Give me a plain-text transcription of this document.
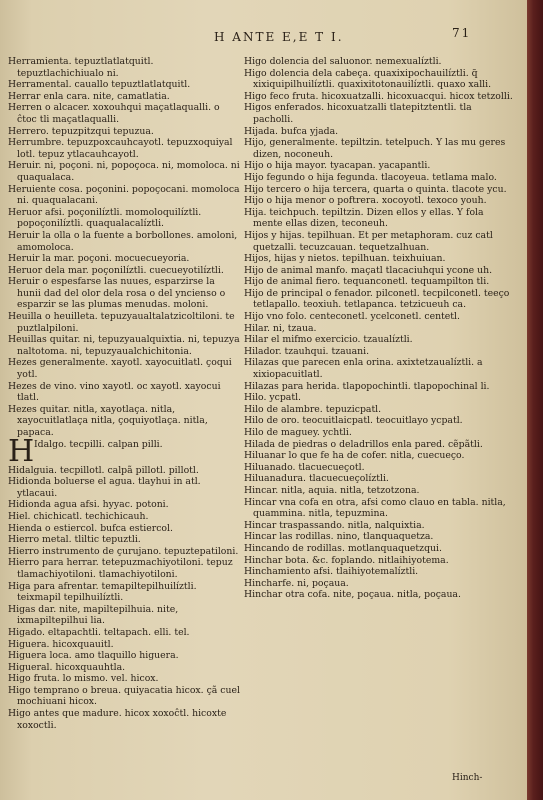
H ANTE E,E T I.	71

Herramienta. tepuztlatlatquitl. tepuztlachichiualo ni.

Herramental. cauallo tepuztlatlatquitl.

Herrar enla cara. nite, camatlatia.

Herren o alcacer. xoxouhqui maçatlaqualli. o ĉtoc tli maçatlaqualli.

Herrero. tepuzpitzqui tepuzua.

Herrumbre. tepuzpoxcauhcayotl. tepuzxoquiyal lotl. tepuz ytlacauhcayotl.

Heruir. ni, poçoni. ni, popoçoca. ni, momoloca. ni quaqualaca.

Heruiente cosa. poçonini. popoçocani. momoloca ni. quaqualacani.

Heruor afsi. poçonilíztli. momoloquilíztli. popoçonilíztli. quaqualacalíztli.

Heruir la olla o la fuente a borbollones. amoloni, amomoloca.

Heruir la mar. poçoni. mocuecueyoria.

Heruor dela mar. poçonilíztli. cuecueyotilíztli.

Heruir o espesfarse las nuues, esparzirse la hunii dad del olor dela rosa o del yncienso o esparzir se las plumas menudas. moloni.

Heuilla o heuilleta. tepuzyaualtalatzicoltiloni. te puztlalpiloni.

Heuillas quitar. ni, tepuzyaualquixtia. ni, tepuzya naltotoma. ni, tepuzyaualchichitonia.

Hezes generalmente. xayotl. xayocuitlatl. çoqui yotl.

Hezes de vino. vino xayotl. oc xayotl. xayocui tlatl.

Hezes quitar. nitla, xayotlaça. nitla, xayocuitlatlaça nitla, çoquiyotlaça. nitla, papaca.

H Idalgo. tecpilli. calpan pilli.

Hidalguia. tecpillotl. calpã pillotl. pillotl.

Hidionda boluerse el agua. tlayhui in atl. ytlacaui.

Hidionda agua afsi. hyyac. potoni.

Hiel. chichicatl. techichicauh.

Hienda o estiercol. bufca estiercol.

Hierro metal. tliltic tepuztli.

Hierro instrumento de çurujano. tepuztepatiloni.

Hierro para herrar. tetepuzmachiyotiloni. tepuz tlamachiyotiloni. tlamachiyotiloni.

Higa para afrentar. temapiltepilhuilíztli. teixmapil tepilhuilíztli.

Higas dar. nite, mapiltepilhuia. nite, ixmapiltepilhui lia.

Higado. eltapachtli. teltapach. elli. tel.

Higuera. hicoxquauitl.

Higuera loca. amo tlaquillo higuera.

Higueral. hicoxquauhtla.

Higo fruta. lo mismo. vel. hicox.

Higo temprano o breua. quiyacatia hicox. çã cuel mochiuani hicox.

Higo antes que madure. hicox xoxoĉtl. hicoxte xoxoctli.

Higo dolencia del saluonor. nemexualíztli.

Higo dolencia dela cabeça. quaxixipochauilíztli. q̃ xixiquipilhuilíztli. quaxixitotonauilíztli. quaxo xalli.

Higo feco fruta. hicoxuatzalli. hicoxuacqui. hicox tetzolli.

Higos enferados. hicoxuatzalli tlatepitztentli. tla pacholli.

Hijada. bufca yjada.

Hijo, generalmente. tepiltzin. tetelpuch. Y las mu geres dizen, noconeuh.

Hijo o hija mayor. tyacapan. yacapantli.

Hijo fegundo o hija fegunda. tlacoyeua. tetlama malo.

Hijo tercero o hija tercera, quarta o quinta. tlacote ycu.

Hijo o hija menor o poftrera. xocoyotl. texoco youh.

Hija. teichpuch. tepiltzin. Dizen ellos y ellas. Y fola mente ellas dizen, teconeuh.

Hijos y hijas. tepilhuan. Et per metaphoram. cuz catl quetzalli. tecuzcauan. tequetzalhuan.

Hijos, hijas y nietos. tepilhuan. teixhuiuan.

Hijo de animal manfo. maçatl tlacaciuhqui ycone uh.

Hijo de animal fiero. tequanconetl. tequampilton tli.

Hijo de principal o fenador. pilconetl. tecpilconetl. teeço tetlapallo. teoxiuh. tetlapanca. tetzicueuh ca.

Hijo vno folo. centeconetl. ycelconetl. centetl.

Hilar. ni, tzaua.

Hilar el mifmo exercicio. tzaualíztli.

Hilador. tzauhqui. tzauani.

Hilazas que parecen enla orina. axixtetzaualíztli. a xixiopacuitlatl.

Hilazas para herida. tlapopochintli. tlapopochinal li.

Hilo. ycpatl.

Hilo de alambre. tepuzicpatl.

Hilo de oro. teocuitlaicpatl. teocuitlayo ycpatl.

Hilo de maguey. ychtli.

Hilada de piedras o deladrillos enla pared. cẽpãtli.

Hiluanar lo que fe ha de cofer. nitla, cuecueço.

Hiluanado. tlacuecueçotl.

Hiluanadura. tlacuecueçolíztli.

Hincar. nitla, aquia. nitla, tetzotzona.

Hincar vna cofa en otra, afsi como clauo en tabla. nitla, quammina. nitla, tepuzmina.

Hincar traspassando. nitla, nalquixtia.

Hincar las rodillas. nino, tlanquaquetza.

Hincando de rodillas. motlanquaquetzqui.

Hinchar bota. &c. foplando. nitlaihiyotema.

Hinchamiento afsi. tlaihiyotemalíztli.

Hincharfe. ni, poçaua.

Hinchar otra cofa. nite, poçaua. nitla, poçaua.

Hinch-
